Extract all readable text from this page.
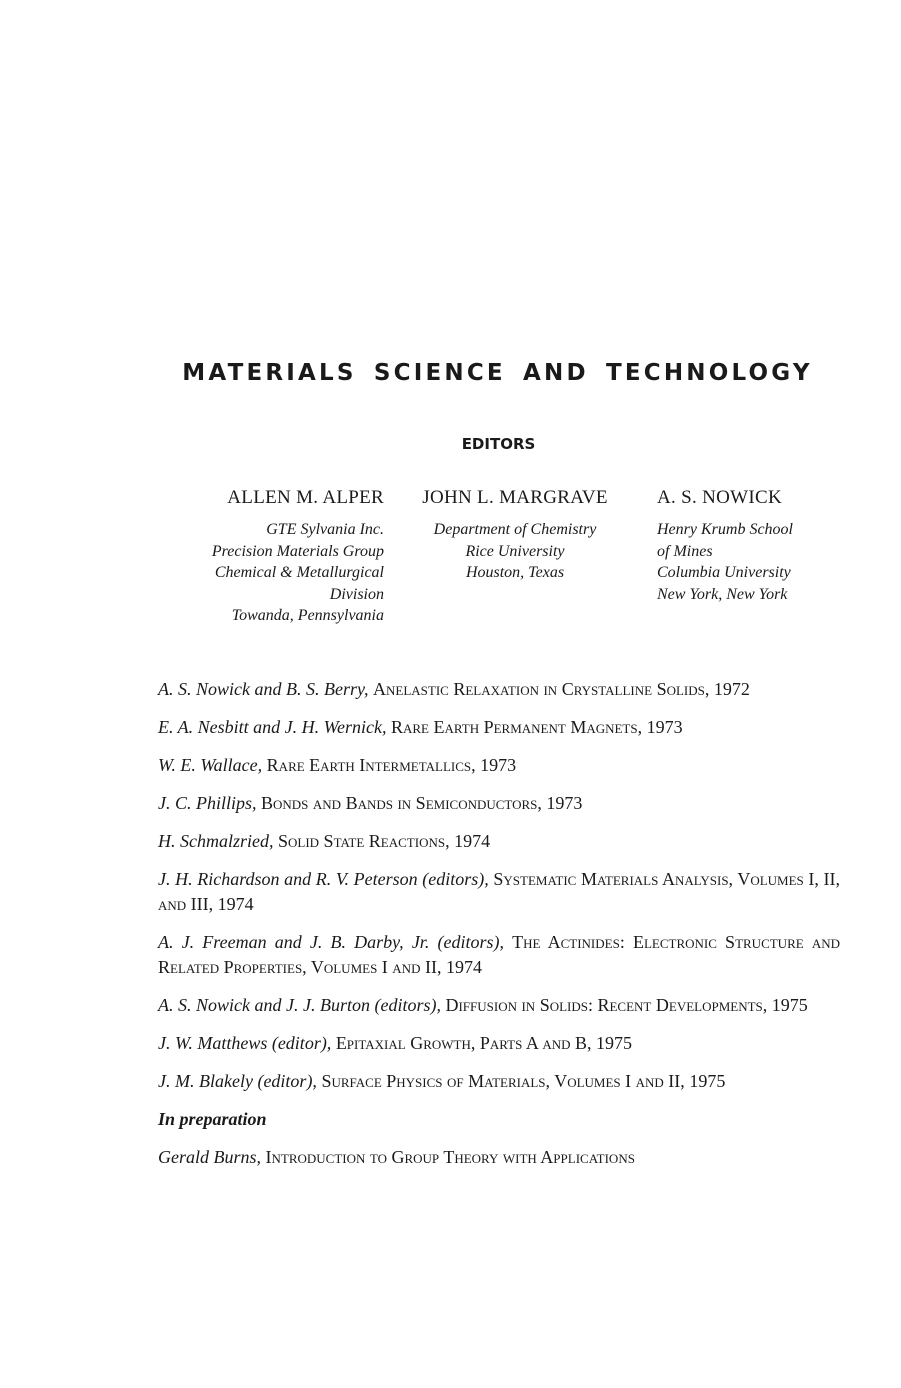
MATERIALS SCIENCE AND TECHNOLOGY
EDITORS

ALLEN M. ALPER

GTE Sylvania Inc.

Precision Materials Group

Chemical & Metallurgical

Division

Towanda, Pennsylvania

JOHN L. MARGRAVE

Department of Chemistry

Rice University

Houston, Texas

A. S. NOWICK

Henry Krumb School

of Mines

Columbia University

New York, New York

A. S. Nowick and B. S. Berry, Anelastic Relaxation in Crystalline Solids, 1972
E. A. Nesbitt and J. H. Wernick, Rare Earth Permanent Magnets, 1973
W. E. Wallace, Rare Earth Intermetallics, 1973
J. C. Phillips, Bonds and Bands in Semiconductors, 1973
H. Schmalzried, Solid State Reactions, 1974
J. H. Richardson and R. V. Peterson (editors), Systematic Materials Analysis, Volumes I, II, and III, 1974
A. J. Freeman and J. B. Darby, Jr. (editors), The Actinides: Electronic Structure and Related Properties, Volumes I and II, 1974
A. S. Nowick and J. J. Burton (editors), Diffusion in Solids: Recent Developments, 1975
J. W. Matthews (editor), Epitaxial Growth, Parts A and B, 1975
J. M. Blakely (editor), Surface Physics of Materials, Volumes I and II, 1975
In preparation
Gerald Burns, Introduction to Group Theory with Applications
